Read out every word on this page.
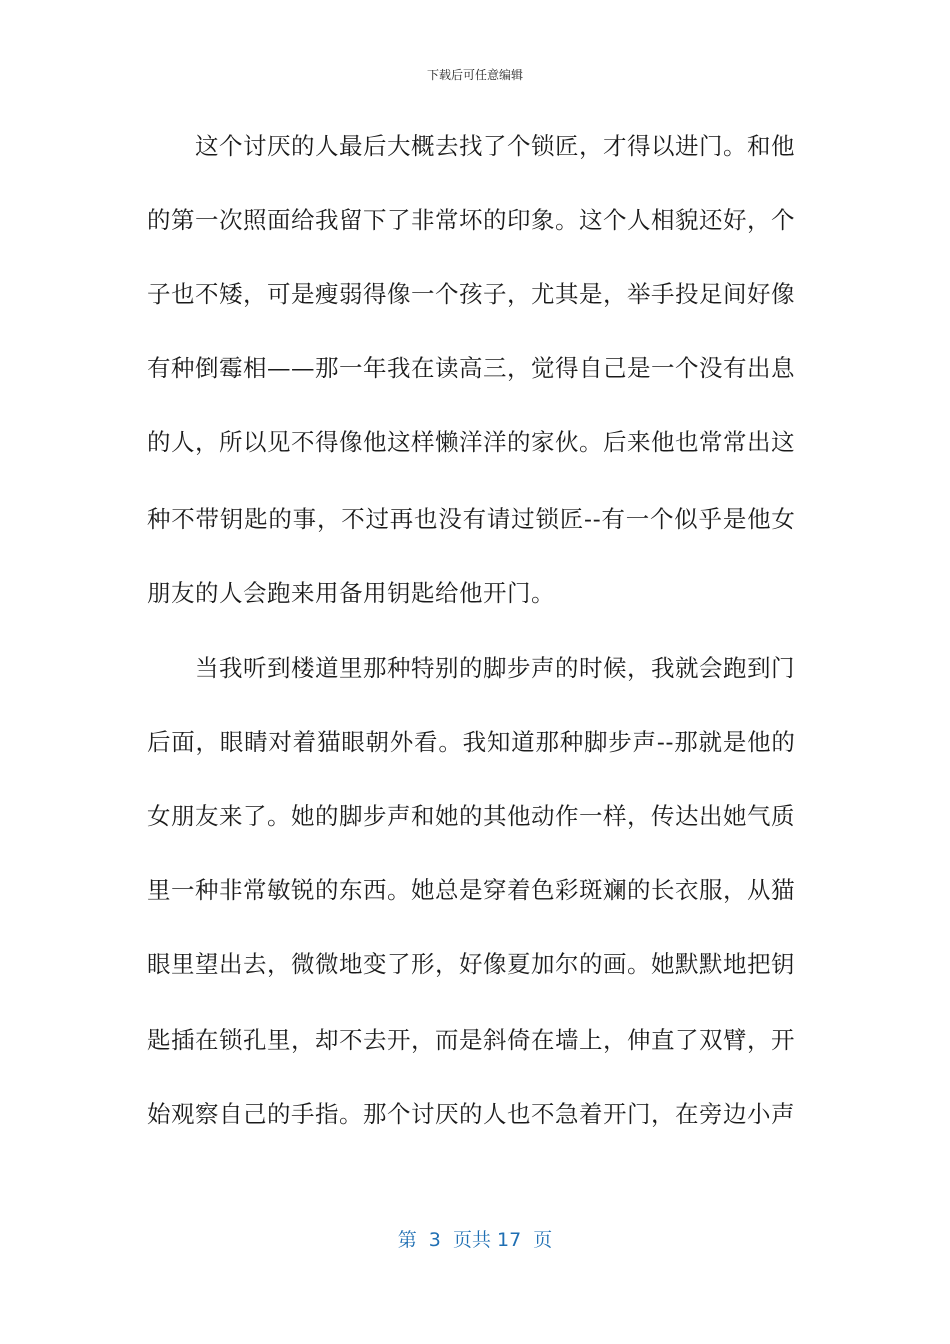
下载后可任意编辑
　　这个讨厌的人最后大概去找了个锁匠，才得以进门。和他
的第一次照面给我留下了非常坏的印象。这个人相貌还好，个
子也不矮，可是瘦弱得像一个孩子，尤其是，举手投足间好像
有种倒霉相——那一年我在读高三，觉得自己是一个没有出息
的人，所以见不得像他这样懒洋洋的家伙。后来他也常常出这
种不带钥匙的事，不过再也没有请过锁匠--有一个似乎是他女
朋友的人会跑来用备用钥匙给他开门。
　　当我听到楼道里那种特别的脚步声的时候，我就会跑到门
后面，眼睛对着猫眼朝外看。我知道那种脚步声--那就是他的
女朋友来了。她的脚步声和她的其他动作一样，传达出她气质
里一种非常敏锐的东西。她总是穿着色彩斑斓的长衣服，从猫
眼里望出去，微微地变了形，好像夏加尔的画。她默默地把钥
匙插在锁孔里，却不去开，而是斜倚在墙上，伸直了双臂，开
始观察自己的手指。那个讨厌的人也不急着开门，在旁边小声
第  3  页共 17  页
